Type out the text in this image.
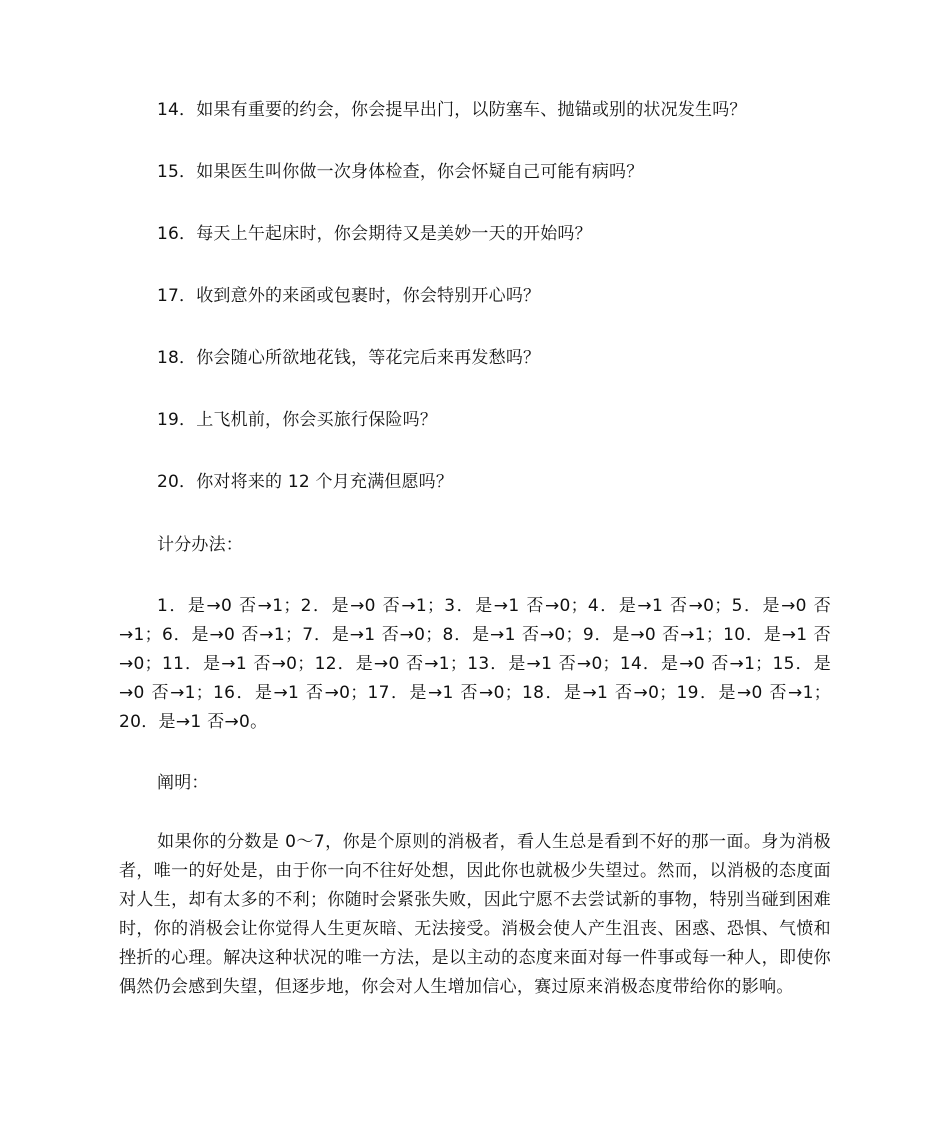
14．如果有重要的约会，你会提早出门，以防塞车、抛锚或别的状况发生吗？
15．如果医生叫你做一次身体检查，你会怀疑自己可能有病吗？
16．每天上午起床时，你会期待又是美妙一天的开始吗？
17．收到意外的来函或包裹时，你会特别开心吗？
18．你会随心所欲地花钱，等花完后来再发愁吗？
19．上飞机前，你会买旅行保险吗？
20．你对将来的 12 个月充满但愿吗？
计分办法：
1．是→0 否→1；2．是→0 否→1；3．是→1 否→0；4．是→1 否→0；5．是→0 否→1；6．是→0 否→1；7．是→1 否→0；8．是→1 否→0；9．是→0 否→1；10．是→1 否→0；11．是→1 否→0；12．是→0 否→1；13．是→1 否→0；14．是→0 否→1；15．是→0 否→1；16．是→1 否→0；17．是→1 否→0；18．是→1 否→0；19．是→0 否→1；20．是→1 否→0。
阐明：
如果你的分数是 0～7，你是个原则的消极者，看人生总是看到不好的那一面。身为消极者，唯一的好处是，由于你一向不往好处想，因此你也就极少失望过。然而，以消极的态度面对人生，却有太多的不利；你随时会紧张失败，因此宁愿不去尝试新的事物，特别当碰到困难时，你的消极会让你觉得人生更灰暗、无法接受。消极会使人产生沮丧、困惑、恐惧、气愤和挫折的心理。解决这种状况的唯一方法，是以主动的态度来面对每一件事或每一种人，即使你偶然仍会感到失望，但逐步地，你会对人生增加信心，赛过原来消极态度带给你的影响。
